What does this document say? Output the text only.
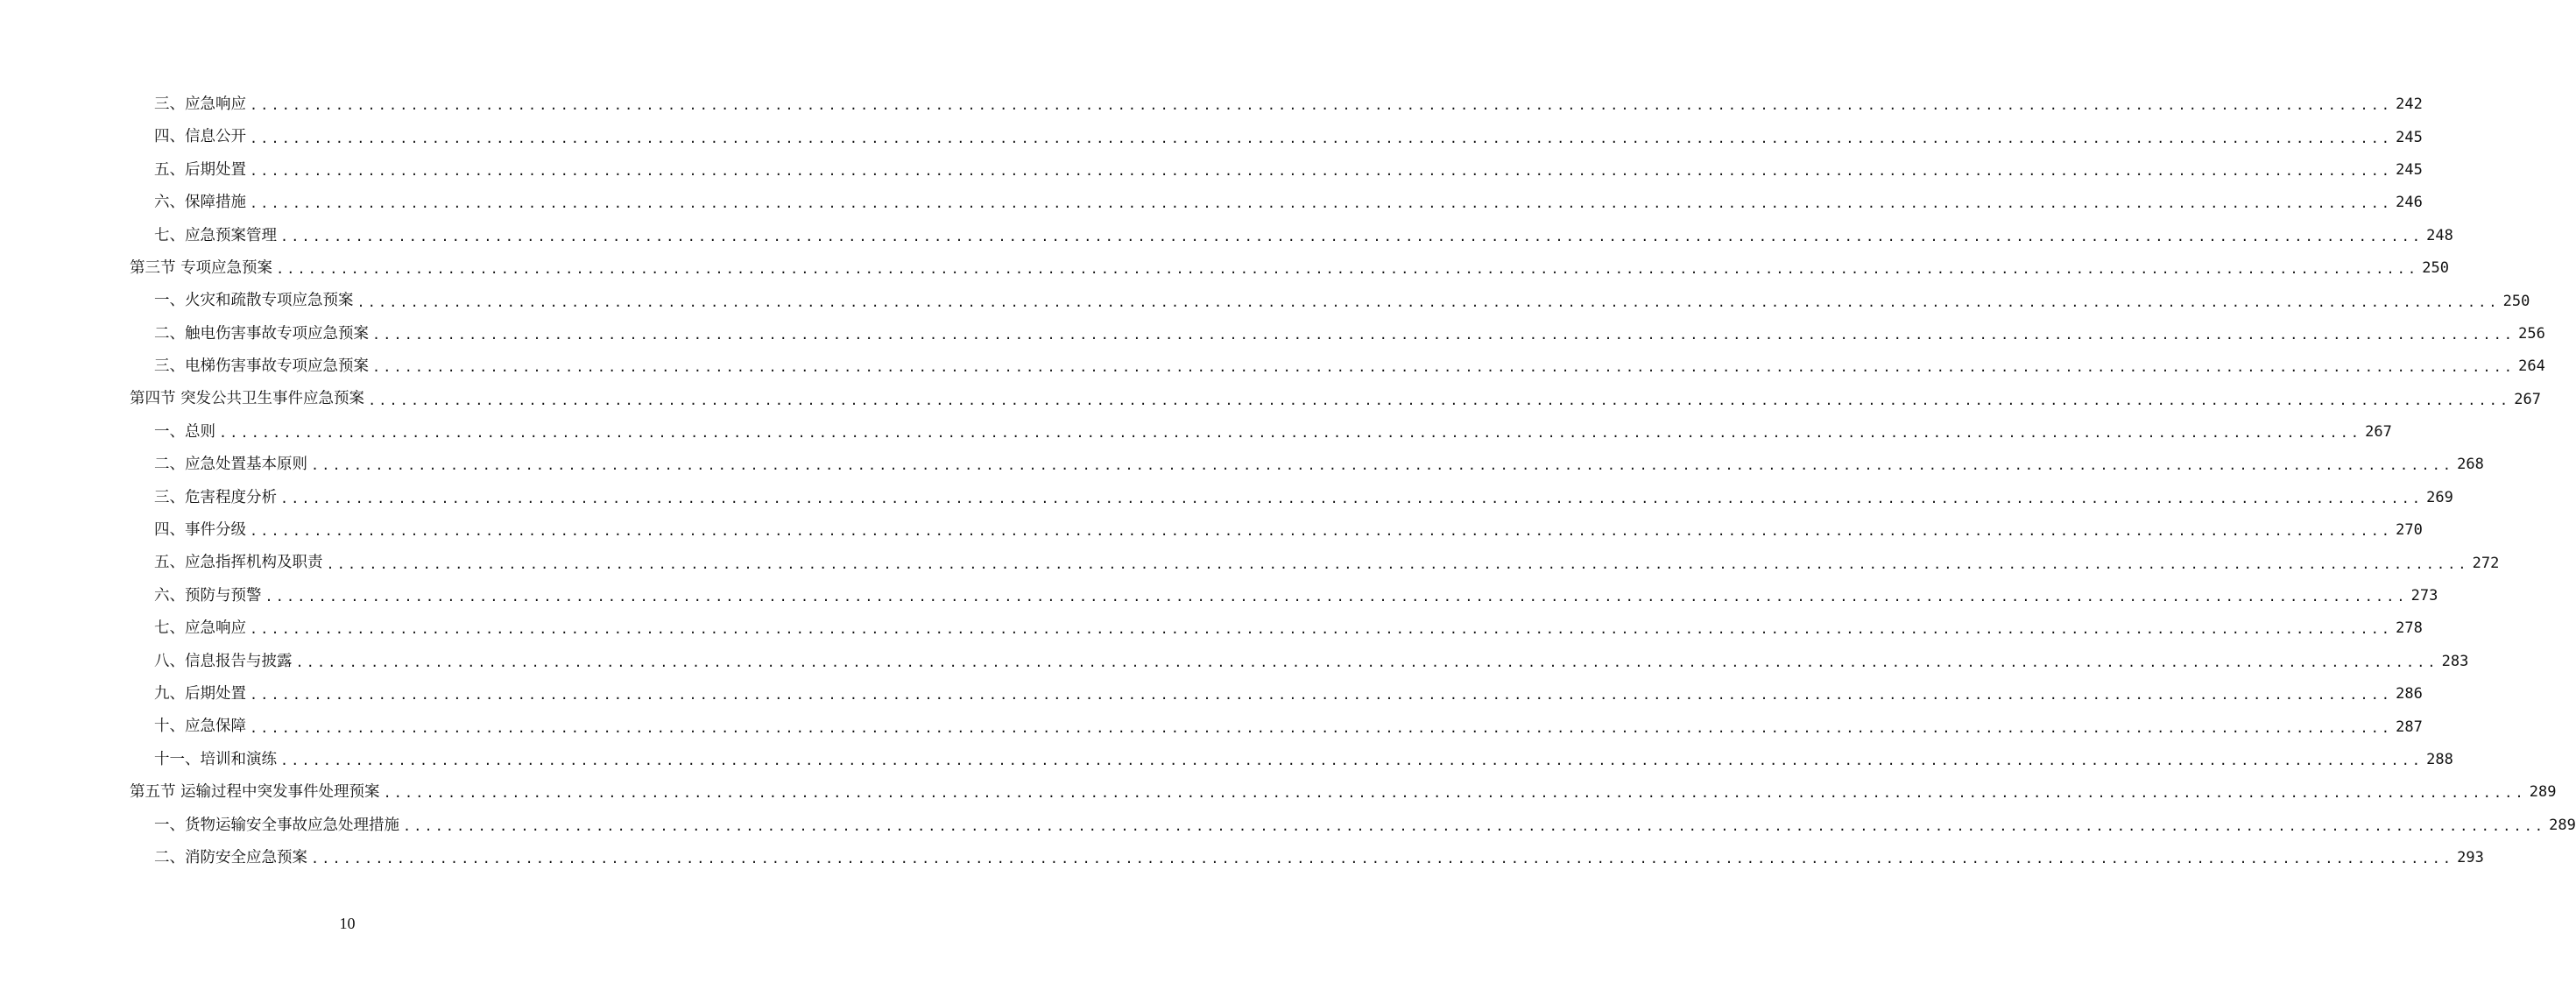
三、应急响应 ........................................................................................................................................................................................................ 242
四、信息公开 ........................................................................................................................................................................................................ 245
五、后期处置 ........................................................................................................................................................................................................ 245
六、保障措施 ........................................................................................................................................................................................................ 246
七、应急预案管理 ........................................................................................................................................................................................................ 248
第三节 专项应急预案 ........................................................................................................................................................................................................ 250
一、火灾和疏散专项应急预案 ........................................................................................................................................................................................................ 250
二、触电伤害事故专项应急预案 ........................................................................................................................................................................................................ 256
三、电梯伤害事故专项应急预案 ........................................................................................................................................................................................................ 264
第四节 突发公共卫生事件应急预案 ........................................................................................................................................................................................................ 267
一、总则 ........................................................................................................................................................................................................ 267
二、应急处置基本原则 ........................................................................................................................................................................................................ 268
三、危害程度分析 ........................................................................................................................................................................................................ 269
四、事件分级 ........................................................................................................................................................................................................ 270
五、应急指挥机构及职责 ........................................................................................................................................................................................................ 272
六、预防与预警 ........................................................................................................................................................................................................ 273
七、应急响应 ........................................................................................................................................................................................................ 278
八、信息报告与披露 ........................................................................................................................................................................................................ 283
九、后期处置 ........................................................................................................................................................................................................ 286
十、应急保障 ........................................................................................................................................................................................................ 287
十一、培训和演练 ........................................................................................................................................................................................................ 288
第五节 运输过程中突发事件处理预案 ........................................................................................................................................................................................................ 289
一、货物运输安全事故应急处理措施 ........................................................................................................................................................................................................ 289
二、消防安全应急预案 ........................................................................................................................................................................................................ 293
10
